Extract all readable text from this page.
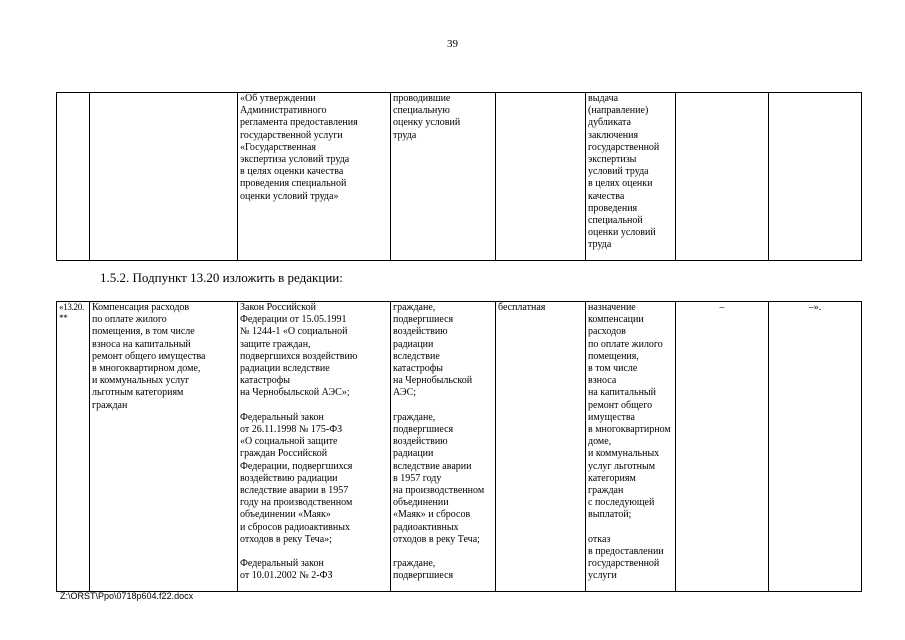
39
		«Об утверждении
Административного
регламента предоставления
государственной услуги
«Государственная
экспертиза условий труда
в целях оценки качества
проведения специальной
оценки условий труда»	проводившие
специальную
оценку условий
труда		выдача
(направление)
дубликата
заключения
государственной
экспертизы
условий труда
в целях оценки
качества
проведения
специальной
оценки условий
труда		
1.5.2. Подпункт 13.20 изложить в редакции:
«13.20.
**	Компенсация расходов
по оплате жилого
помещения, в том числе
взноса на капитальный
ремонт общего имущества
в многоквартирном доме,
и коммунальных услуг
льготным категориям
граждан	Закон Российской
Федерации от 15.05.1991
№ 1244-1 «О социальной
защите граждан,
подвергшихся воздействию
радиации вследствие
катастрофы
на Чернобыльской АЭС»;

Федеральный закон
от 26.11.1998 № 175-ФЗ
«О социальной защите
граждан Российской
Федерации, подвергшихся
воздействию радиации
вследствие аварии в 1957
году на производственном
объединении «Маяк»
и сбросов радиоактивных
отходов в реку Теча»;

Федеральный закон
от 10.01.2002 № 2-ФЗ	граждане,
подвергшиеся
воздействию
радиации
вследствие
катастрофы
на Чернобыльской
АЭС;

граждане,
подвергшиеся
воздействию
радиации
вследствие аварии
в 1957 году
на производственном
объединении
«Маяк» и сбросов
радиоактивных
отходов в реку Теча;

граждане,
подвергшиеся	бесплатная	назначение
компенсации
расходов
по оплате жилого
помещения,
в том числе
взноса
на капитальный
ремонт общего
имущества
в многоквартирном
доме,
и коммунальных
услуг льготным
категориям
граждан
с последующей
выплатой;

отказ
в предоставлении
государственной
услуги	–	–».
Z:\ORST\Ppo\0718p604.f22.docx
